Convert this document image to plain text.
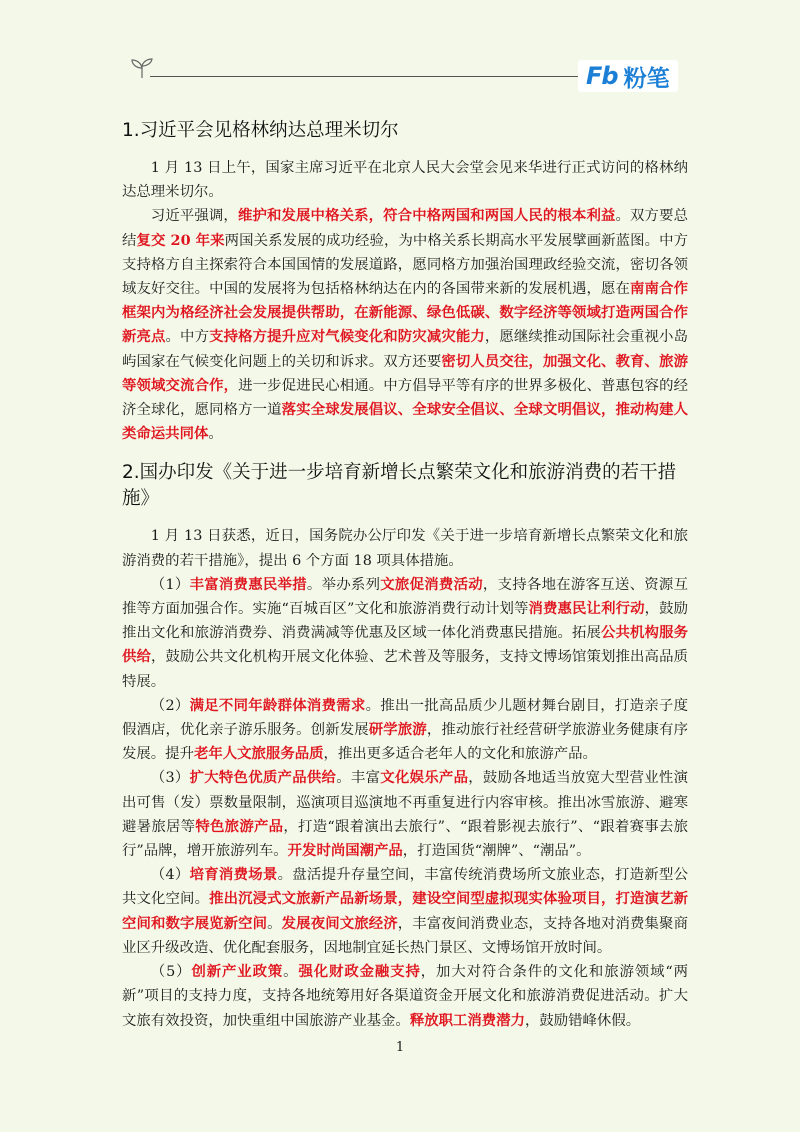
Fb 粉笔
1.习近平会见格林纳达总理米切尔

1 月 13 日上午，国家主席习近平在北京人民大会堂会见来华进行正式访问的格林纳达总理米切尔。

习近平强调，维护和发展中格关系，符合中格两国和两国人民的根本利益。双方要总结复交 20 年来两国关系发展的成功经验，为中格关系长期高水平发展擘画新蓝图。中方支持格方自主探索符合本国国情的发展道路，愿同格方加强治国理政经验交流，密切各领域友好交往。中国的发展将为包括格林纳达在内的各国带来新的发展机遇，愿在南南合作框架内为格经济社会发展提供帮助，在新能源、绿色低碳、数字经济等领域打造两国合作新亮点。中方支持格方提升应对气候变化和防灾减灾能力，愿继续推动国际社会重视小岛屿国家在气候变化问题上的关切和诉求。双方还要密切人员交往，加强文化、教育、旅游等领域交流合作，进一步促进民心相通。中方倡导平等有序的世界多极化、普惠包容的经济全球化，愿同格方一道落实全球发展倡议、全球安全倡议、全球文明倡议，推动构建人类命运共同体。

2.国办印发《关于进一步培育新增长点繁荣文化和旅游消费的若干措施》

1 月 13 日获悉，近日，国务院办公厅印发《关于进一步培育新增长点繁荣文化和旅游消费的若干措施》，提出 6 个方面 18 项具体措施。

（1）丰富消费惠民举措。举办系列文旅促消费活动，支持各地在游客互送、资源互推等方面加强合作。实施“百城百区”文化和旅游消费行动计划等消费惠民让利行动，鼓励推出文化和旅游消费券、消费满减等优惠及区域一体化消费惠民措施。拓展公共机构服务供给，鼓励公共文化机构开展文化体验、艺术普及等服务，支持文博场馆策划推出高品质特展。

（2）满足不同年龄群体消费需求。推出一批高品质少儿题材舞台剧目，打造亲子度假酒店，优化亲子游乐服务。创新发展研学旅游，推动旅行社经营研学旅游业务健康有序发展。提升老年人文旅服务品质，推出更多适合老年人的文化和旅游产品。

（3）扩大特色优质产品供给。丰富文化娱乐产品，鼓励各地适当放宽大型营业性演出可售（发）票数量限制，巡演项目巡演地不再重复进行内容审核。推出冰雪旅游、避寒避暑旅居等特色旅游产品，打造“跟着演出去旅行”、“跟着影视去旅行”、“跟着赛事去旅行”品牌，增开旅游列车。开发时尚国潮产品，打造国货“潮牌”、“潮品”。

（4）培育消费场景。盘活提升存量空间，丰富传统消费场所文旅业态，打造新型公共文化空间。推出沉浸式文旅新产品新场景，建设空间型虚拟现实体验项目，打造演艺新空间和数字展览新空间。发展夜间文旅经济，丰富夜间消费业态，支持各地对消费集聚商业区升级改造、优化配套服务，因地制宜延长热门景区、文博场馆开放时间。

（5）创新产业政策。强化财政金融支持，加大对符合条件的文化和旅游领域“两新”项目的支持力度，支持各地统筹用好各渠道资金开展文化和旅游消费促进活动。扩大文旅有效投资，加快重组中国旅游产业基金。释放职工消费潜力，鼓励错峰休假。

1
